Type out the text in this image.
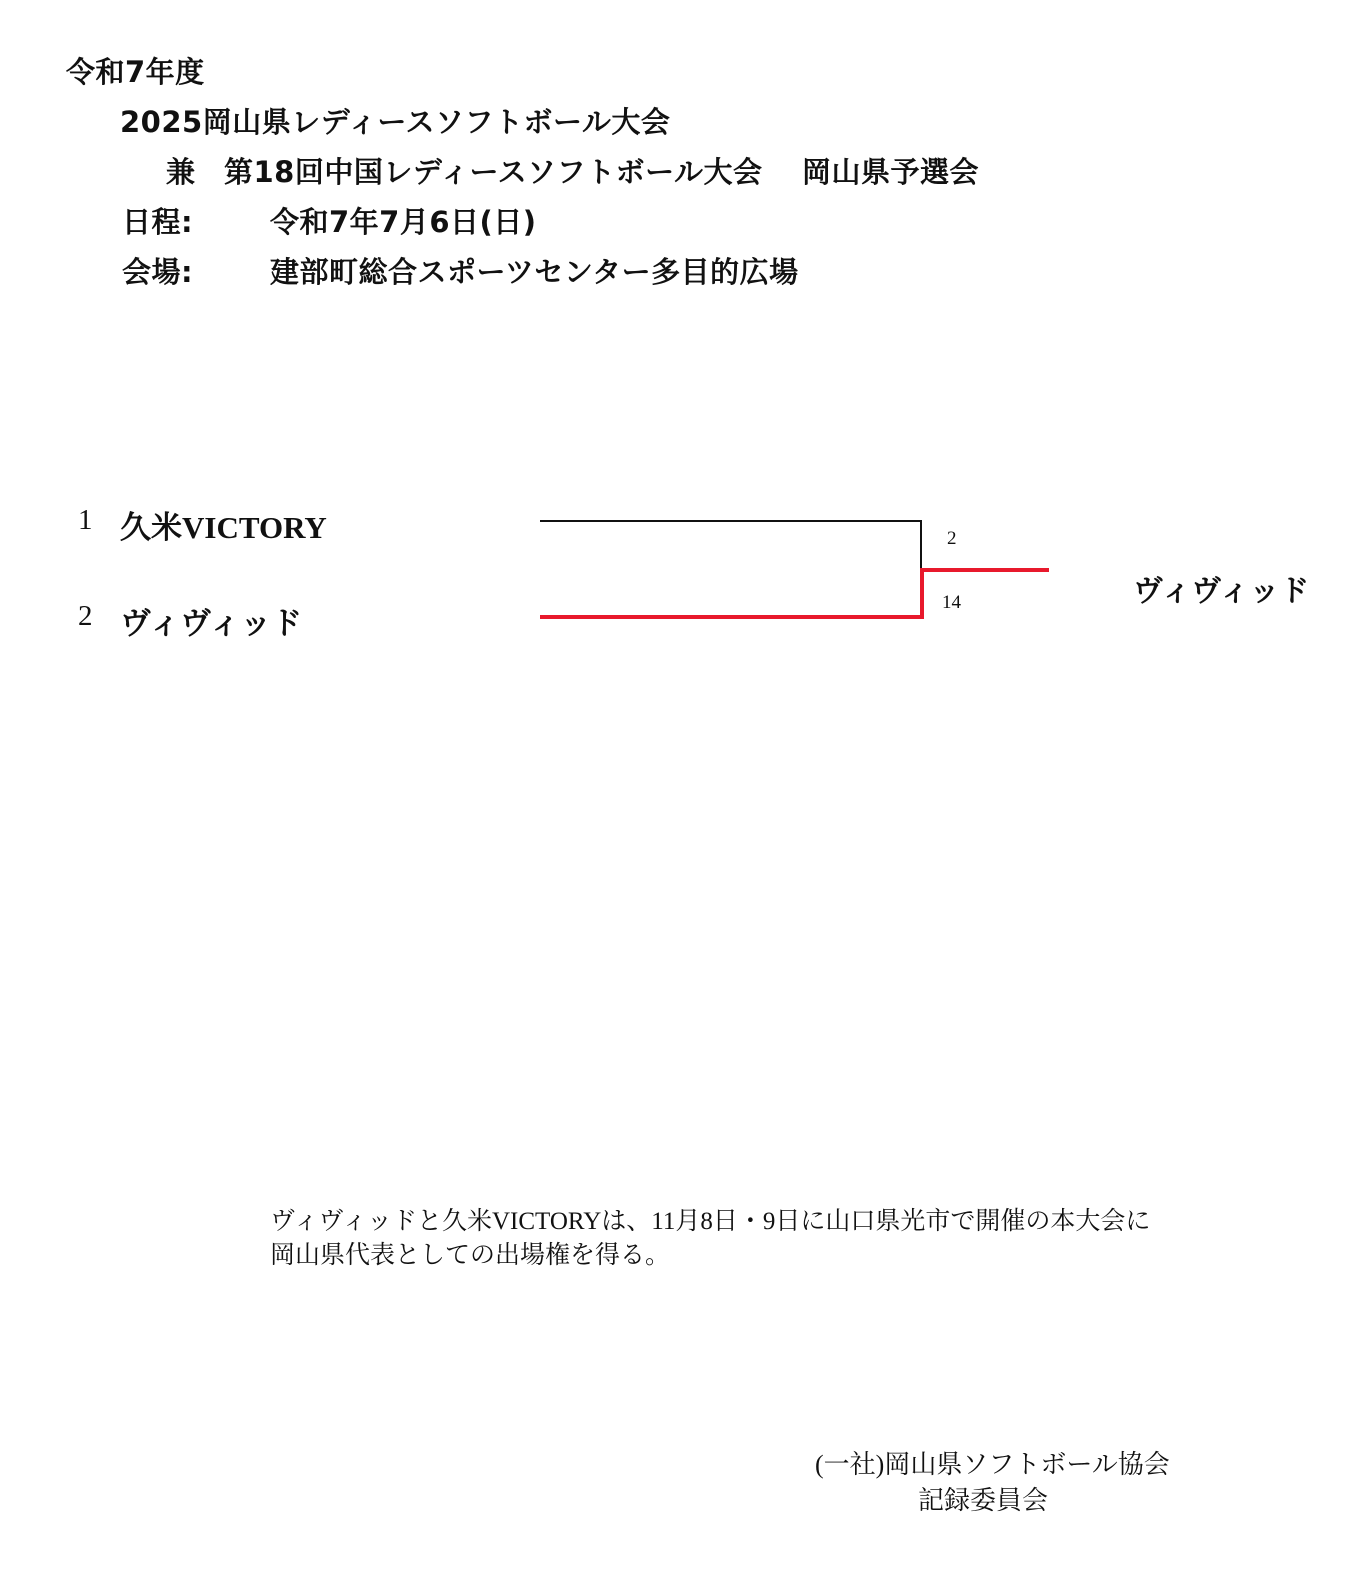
令和7年度
2025岡山県レディースソフトボール大会
兼 第18回中国レディースソフトボール大会 岡山県予選会
日程:	令和7年7月6日(日)
会場:	建部町総合スポーツセンター多目的広場
1 久米VICTORY
2 ヴィヴィッド
2
14	ヴィヴィッド
ヴィヴィッドと久米VICTORYは、11月8日・9日に山口県光市で開催の本大会に
岡山県代表としての出場権を得る。
(一社)岡山県ソフトボール協会
記録委員会
